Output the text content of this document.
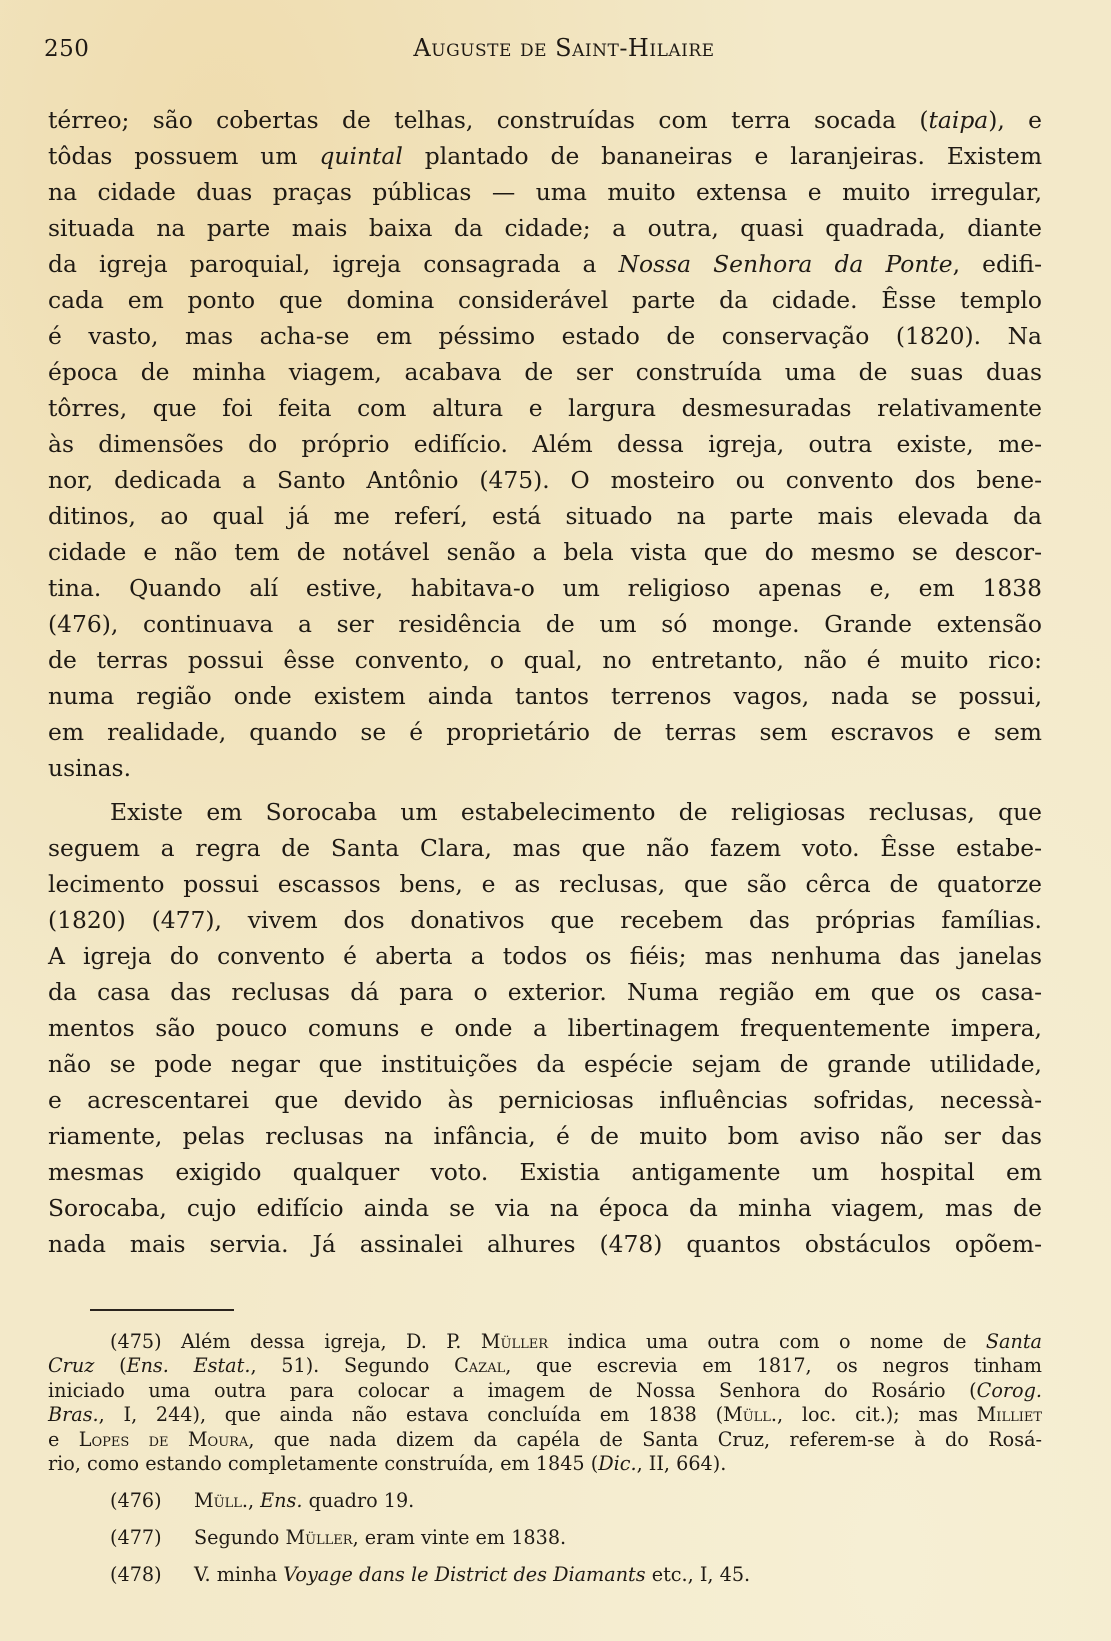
250	Auguste de Saint-Hilaire
térreo; são cobertas de telhas, construídas com terra socada (taipa), e
tôdas possuem um quintal plantado de bananeiras e laranjeiras. Existem
na cidade duas praças públicas — uma muito extensa e muito irregular,
situada na parte mais baixa da cidade; a outra, quasi quadrada, diante
da igreja paroquial, igreja consagrada a Nossa Senhora da Ponte, edifi-
cada em ponto que domina considerável parte da cidade. Êsse templo
é vasto, mas acha-se em péssimo estado de conservação (1820). Na
época de minha viagem, acabava de ser construída uma de suas duas
tôrres, que foi feita com altura e largura desmesuradas relativamente
às dimensões do próprio edifício. Além dessa igreja, outra existe, me-
nor, dedicada a Santo Antônio (475). O mosteiro ou convento dos bene-
ditinos, ao qual já me referí, está situado na parte mais elevada da
cidade e não tem de notável senão a bela vista que do mesmo se descor-
tina. Quando alí estive, habitava-o um religioso apenas e, em 1838
(476), continuava a ser residência de um só monge. Grande extensão
de terras possui êsse convento, o qual, no entretanto, não é muito rico:
numa região onde existem ainda tantos terrenos vagos, nada se possui,
em realidade, quando se é proprietário de terras sem escravos e sem
usinas.
Existe em Sorocaba um estabelecimento de religiosas reclusas, que
seguem a regra de Santa Clara, mas que não fazem voto. Êsse estabe-
lecimento possui escassos bens, e as reclusas, que são cêrca de quatorze
(1820) (477), vivem dos donativos que recebem das próprias famílias.
A igreja do convento é aberta a todos os fiéis; mas nenhuma das janelas
da casa das reclusas dá para o exterior. Numa região em que os casa-
mentos são pouco comuns e onde a libertinagem frequentemente impera,
não se pode negar que instituições da espécie sejam de grande utilidade,
e acrescentarei que devido às perniciosas influências sofridas, necessà-
riamente, pelas reclusas na infância, é de muito bom aviso não ser das
mesmas exigido qualquer voto. Existia antigamente um hospital em
Sorocaba, cujo edifício ainda se via na época da minha viagem, mas de
nada mais servia. Já assinalei alhures (478) quantos obstáculos opõem-
(475) Além dessa igreja, D. P. Müller indica uma outra com o nome de Santa
Cruz (Ens. Estat., 51). Segundo Cazal, que escrevia em 1817, os negros tinham
iniciado uma outra para colocar a imagem de Nossa Senhora do Rosário (Corog.
Bras., I, 244), que ainda não estava concluída em 1838 (Müll., loc. cit.); mas Milliet
e Lopes de Moura, que nada dizem da capéla de Santa Cruz, referem-se à do Rosá-
rio, como estando completamente construída, em 1845 (Dic., II, 664).
(476) Müll., Ens. quadro 19.
(477) Segundo Müller, eram vinte em 1838.
(478) V. minha Voyage dans le District des Diamants etc., I, 45.
